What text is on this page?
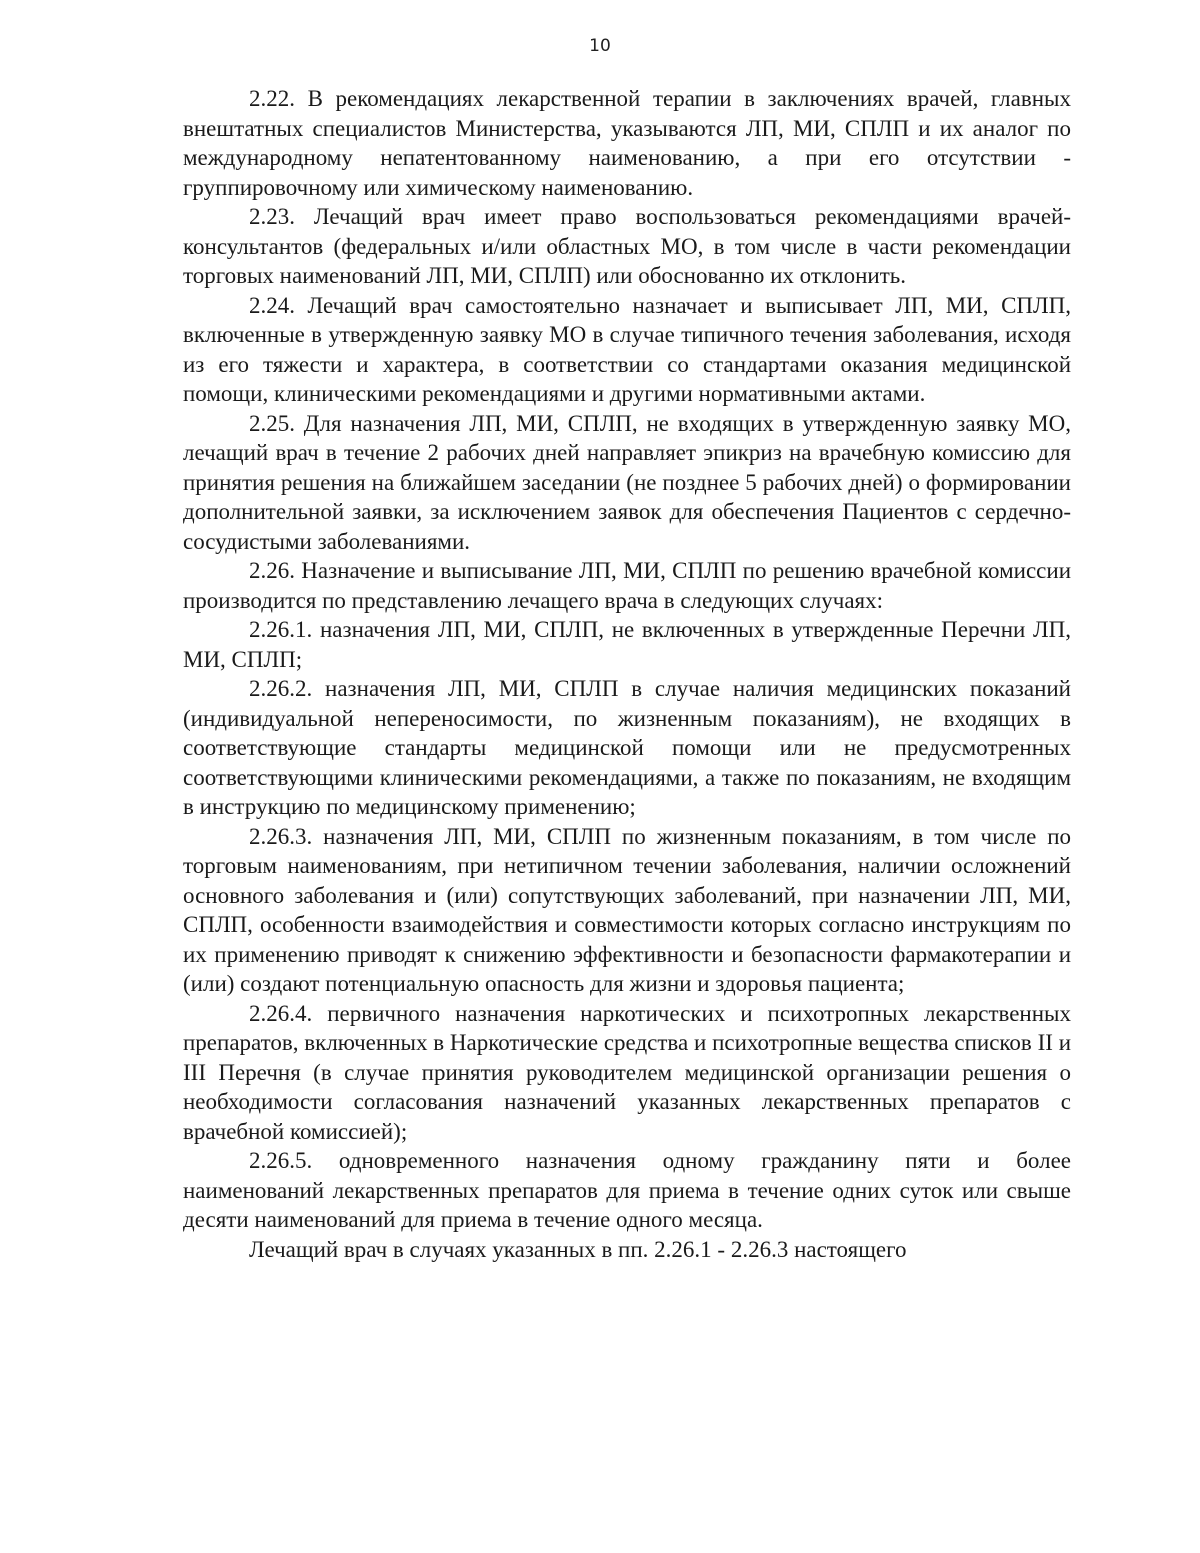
10

2.22. В рекомендациях лекарственной терапии в заключениях врачей, главных внештатных специалистов Министерства, указываются ЛП, МИ, СПЛП и их аналог по международному непатентованному наименованию, а при его отсутствии - группировочному или химическому наименованию.

2.23. Лечащий врач имеет право воспользоваться рекомендациями врачей-консультантов (федеральных и/или областных МО, в том числе в части рекомендации торговых наименований ЛП, МИ, СПЛП) или обоснованно их отклонить.

2.24. Лечащий врач самостоятельно назначает и выписывает ЛП, МИ, СПЛП, включенные в утвержденную заявку МО в случае типичного течения заболевания, исходя из его тяжести и характера, в соответствии со стандартами оказания медицинской помощи, клиническими рекомендациями и другими нормативными актами.

2.25. Для назначения ЛП, МИ, СПЛП, не входящих в утвержденную заявку МО, лечащий врач в течение 2 рабочих дней направляет эпикриз на врачебную комиссию для принятия решения на ближайшем заседании (не позднее 5 рабочих дней) о формировании дополнительной заявки, за исключением заявок для обеспечения Пациентов с сердечно-сосудистыми заболеваниями.

2.26. Назначение и выписывание ЛП, МИ, СПЛП по решению врачебной комиссии производится по представлению лечащего врача в следующих случаях:

2.26.1. назначения ЛП, МИ, СПЛП, не включенных в утвержденные Перечни ЛП, МИ, СПЛП;

2.26.2. назначения ЛП, МИ, СПЛП в случае наличия медицинских показаний (индивидуальной непереносимости, по жизненным показаниям), не входящих в соответствующие стандарты медицинской помощи или не предусмотренных соответствующими клиническими рекомендациями, а также по показаниям, не входящим в инструкцию по медицинскому применению;

2.26.3. назначения ЛП, МИ, СПЛП по жизненным показаниям, в том числе по торговым наименованиям, при нетипичном течении заболевания, наличии осложнений основного заболевания и (или) сопутствующих заболеваний, при назначении ЛП, МИ, СПЛП, особенности взаимодействия и совместимости которых согласно инструкциям по их применению приводят к снижению эффективности и безопасности фармакотерапии и (или) создают потенциальную опасность для жизни и здоровья пациента;

2.26.4. первичного назначения наркотических и психотропных лекарственных препаратов, включенных в Наркотические средства и психотропные вещества списков II и III Перечня (в случае принятия руководителем медицинской организации решения о необходимости согласования назначений указанных лекарственных препаратов с врачебной комиссией);

2.26.5. одновременного назначения одному гражданину пяти и более наименований лекарственных препаратов для приема в течение одних суток или свыше десяти наименований для приема в течение одного месяца.

Лечащий врач в случаях указанных в пп. 2.26.1 - 2.26.3 настоящего
